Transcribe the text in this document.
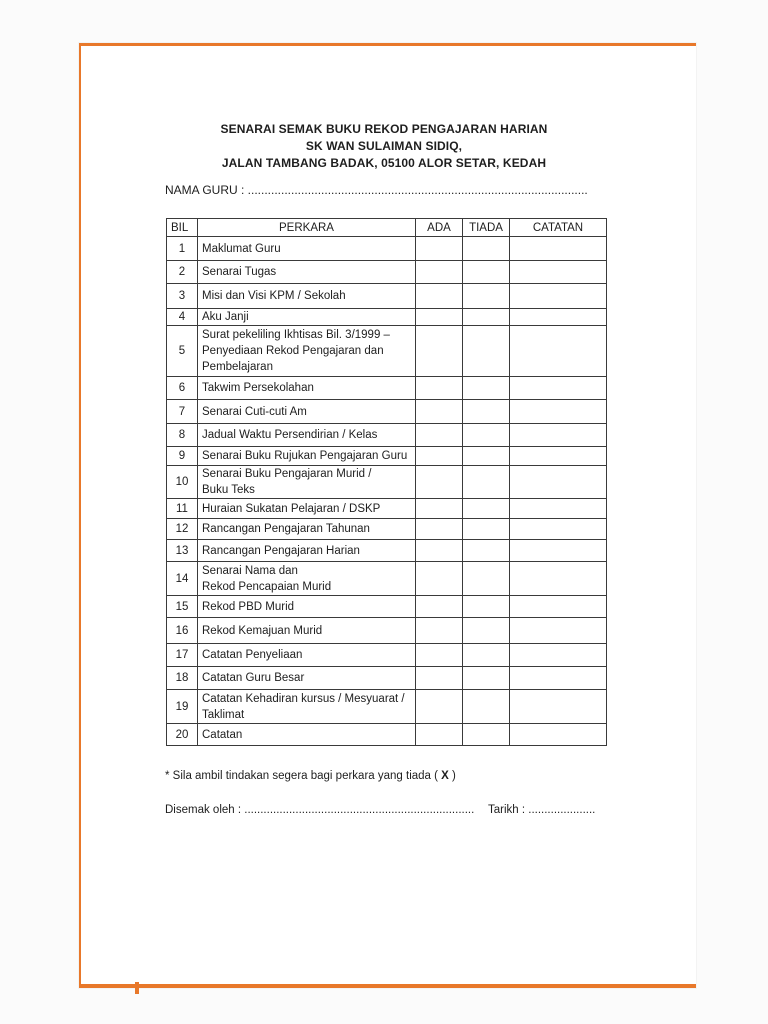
SENARAI SEMAK BUKU REKOD PENGAJARAN HARIAN
SK WAN SULAIMAN SIDIQ,
JALAN TAMBANG BADAK, 05100 ALOR SETAR, KEDAH
NAMA GURU : ......................................................................................................
BIL	PERKARA	ADA	TIADA	CATATAN
1	Maklumat Guru			

2	Senarai Tugas			

3	Misi dan Visi KPM / Sekolah			

4	Aku Janji			

5	Surat pekeliling Ikhtisas Bil. 3/1999 –
Penyediaan Rekod Pengajaran dan
Pembelajaran			

6	Takwim Persekolahan			

7	Senarai Cuti-cuti Am			

8	Jadual Waktu Persendirian / Kelas			

9	Senarai Buku Rujukan Pengajaran Guru			

10	Senarai Buku Pengajaran Murid /
Buku Teks			

11	Huraian Sukatan Pelajaran / DSKP			

12	Rancangan Pengajaran Tahunan			

13	Rancangan Pengajaran Harian			

14	Senarai Nama dan
Rekod Pencapaian Murid			

15	Rekod PBD Murid			

16	Rekod Kemajuan Murid			

17	Catatan Penyeliaan			

18	Catatan Guru Besar			

19	Catatan Kehadiran kursus / Mesyuarat /
Taklimat			

20	Catatan			

* Sila ambil tindakan segera bagi perkara yang tiada ( X )
Disemak oleh : ........................................................................ Tarikh : .....................
